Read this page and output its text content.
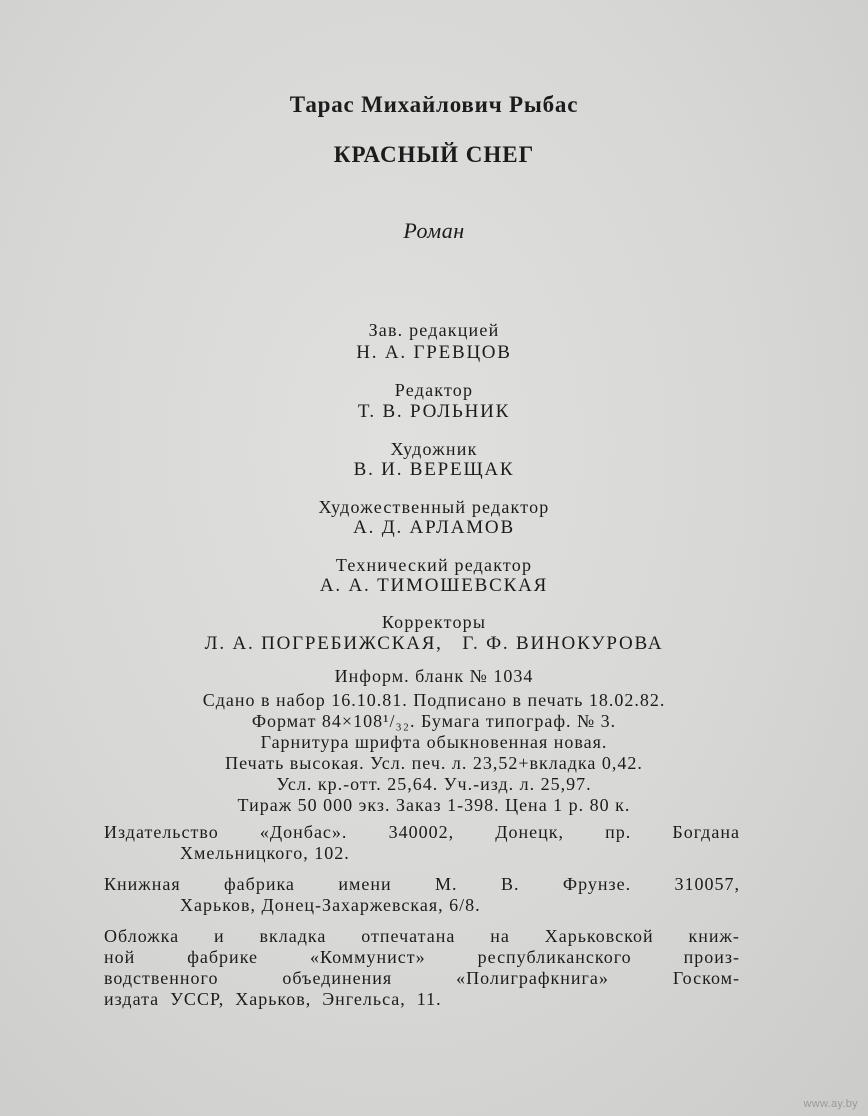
Тарас Михайлович Рыбас
КРАСНЫЙ СНЕГ
Роман
Зав. редакцией
Н. А. ГРЕВЦОВ
Редактор
Т. В. РОЛЬНИК
Художник
В. И. ВЕРЕЩАК
Художественный редактор
А. Д. АРЛАМОВ
Технический редактор
А. А. ТИМОШЕВСКАЯ
Корректоры
Л. А. ПОГРЕБИЖСКАЯ,   Г. Ф. ВИНОКУРОВА
Информ. бланк № 1034
Сдано в набор 16.10.81. Подписано в печать 18.02.82.
Формат 84×108¹/₃₂. Бумага типограф. № 3.
Гарнитура шрифта обыкновенная новая.
Печать высокая. Усл. печ. л. 23,52+вкладка 0,42.
Усл. кр.-отт. 25,64. Уч.-изд. л. 25,97.
Тираж 50 000 экз. Заказ 1-398. Цена 1 р. 80 к.
Издательство «Донбас». 340002, Донецк, пр. Богдана
Хмельницкого, 102.
Книжная фабрика имени М. В. Фрунзе. 310057,
Харьков, Донец-Захаржевская, 6/8.
Обложка и вкладка отпечатана на Харьковской книж-
ной	фабрике	«Коммунист»	республиканского	произ-
водственного	объединения	«Полиграфкнига»	Госком-
издата УССР, Харьков, Энгельса, 11.
www.ay.by
